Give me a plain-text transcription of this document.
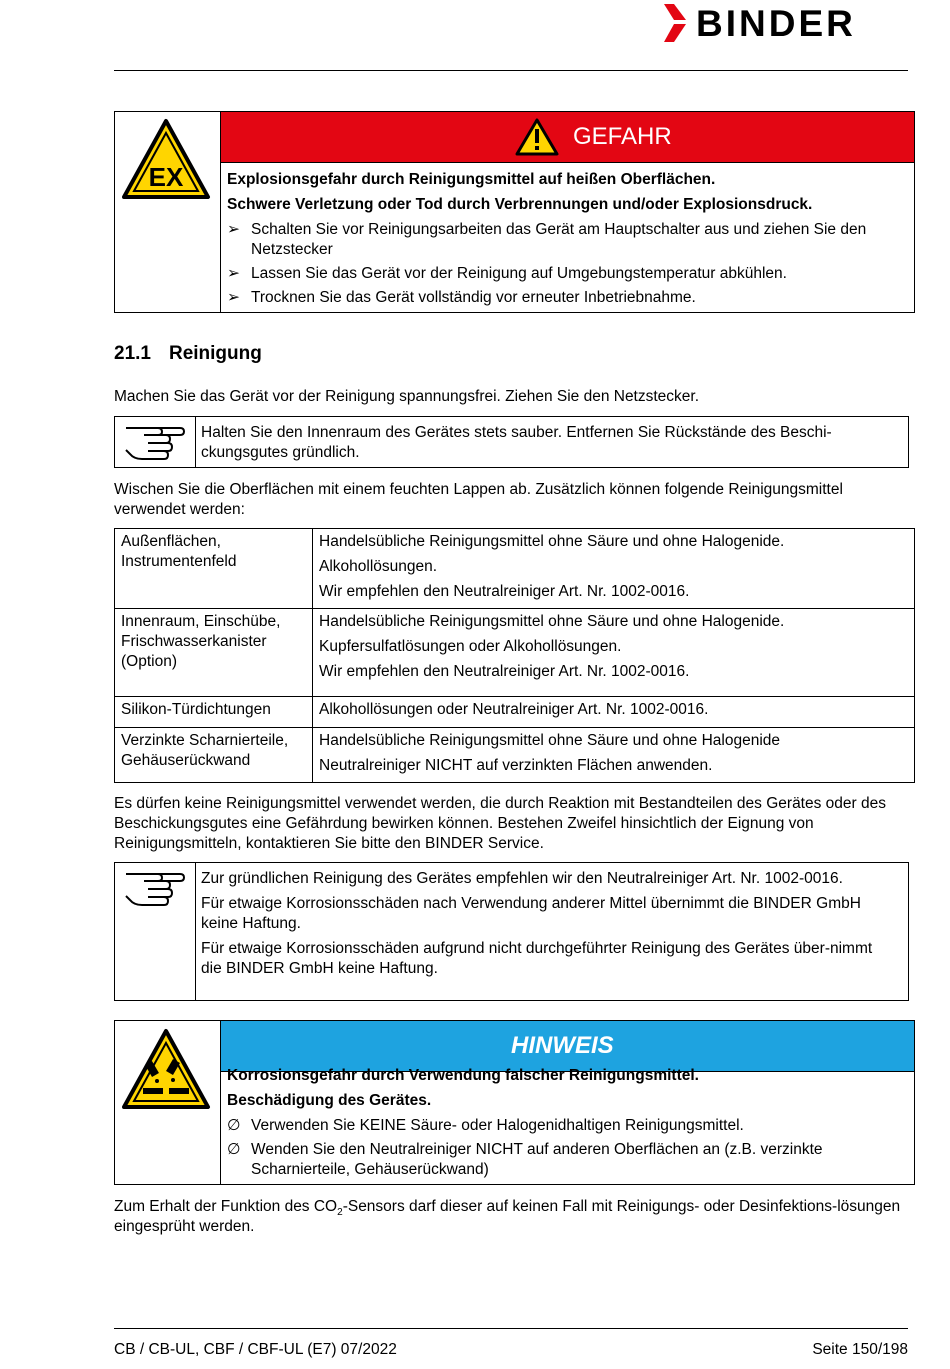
BINDER
EX
GEFAHR
Explosionsgefahr durch Reinigungsmittel auf heißen Oberflächen.
Schwere Verletzung oder Tod durch Verbrennungen und/oder Explosionsdruck.
➢ Schalten Sie vor Reinigungsarbeiten das Gerät am Hauptschalter aus und ziehen Sie den Netzstecker
➢ Lassen Sie das Gerät vor der Reinigung auf Umgebungstemperatur abkühlen.
➢ Trocknen Sie das Gerät vollständig vor erneuter Inbetriebnahme.
21.1 Reinigung
Machen Sie das Gerät vor der Reinigung spannungsfrei. Ziehen Sie den Netzstecker.
Halten Sie den Innenraum des Gerätes stets sauber. Entfernen Sie Rückstände des Beschi-ckungsgutes gründlich.
Wischen Sie die Oberflächen mit einem feuchten Lappen ab. Zusätzlich können folgende Reinigungsmittel verwendet werden:
Außenflächen, Instrumentenfeld	Handelsübliche Reinigungsmittel ohne Säure und ohne Halogenide.
Alkohollösungen.
Wir empfehlen den Neutralreiniger Art. Nr. 1002-0016.

Innenraum, Einschübe, Frischwasserkanister (Option)	Handelsübliche Reinigungsmittel ohne Säure und ohne Halogenide.
Kupfersulfatlösungen oder Alkohollösungen.
Wir empfehlen den Neutralreiniger Art. Nr. 1002-0016.

Silikon-Türdichtungen	Alkohollösungen oder Neutralreiniger Art. Nr. 1002-0016.

Verzinkte Scharnierteile, Gehäuserückwand	Handelsübliche Reinigungsmittel ohne Säure und ohne Halogenide
Neutralreiniger NICHT auf verzinkten Flächen anwenden.
Es dürfen keine Reinigungsmittel verwendet werden, die durch Reaktion mit Bestandteilen des Gerätes oder des Beschickungsgutes eine Gefährdung bewirken können. Bestehen Zweifel hinsichtlich der Eignung von Reinigungsmitteln, kontaktieren Sie bitte den BINDER Service.
Zur gründlichen Reinigung des Gerätes empfehlen wir den Neutralreiniger Art. Nr. 1002-0016.
Für etwaige Korrosionsschäden nach Verwendung anderer Mittel übernimmt die BINDER GmbH keine Haftung.
Für etwaige Korrosionsschäden aufgrund nicht durchgeführter Reinigung des Gerätes über-nimmt die BINDER GmbH keine Haftung.
HINWEIS
Korrosionsgefahr durch Verwendung falscher Reinigungsmittel.
Beschädigung des Gerätes.
∅ Verwenden Sie KEINE Säure- oder Halogenidhaltigen Reinigungsmittel.
∅ Wenden Sie den Neutralreiniger NICHT auf anderen Oberflächen an (z.B. verzinkte Scharnierteile, Gehäuserückwand)
Zum Erhalt der Funktion des $CO_2$-Sensors darf dieser auf keinen Fall mit Reinigungs- oder Desinfektions-lösungen eingesprüht werden.
CB / CB-UL, CBF / CBF-UL (E7) 07/2022	Seite 150/198
